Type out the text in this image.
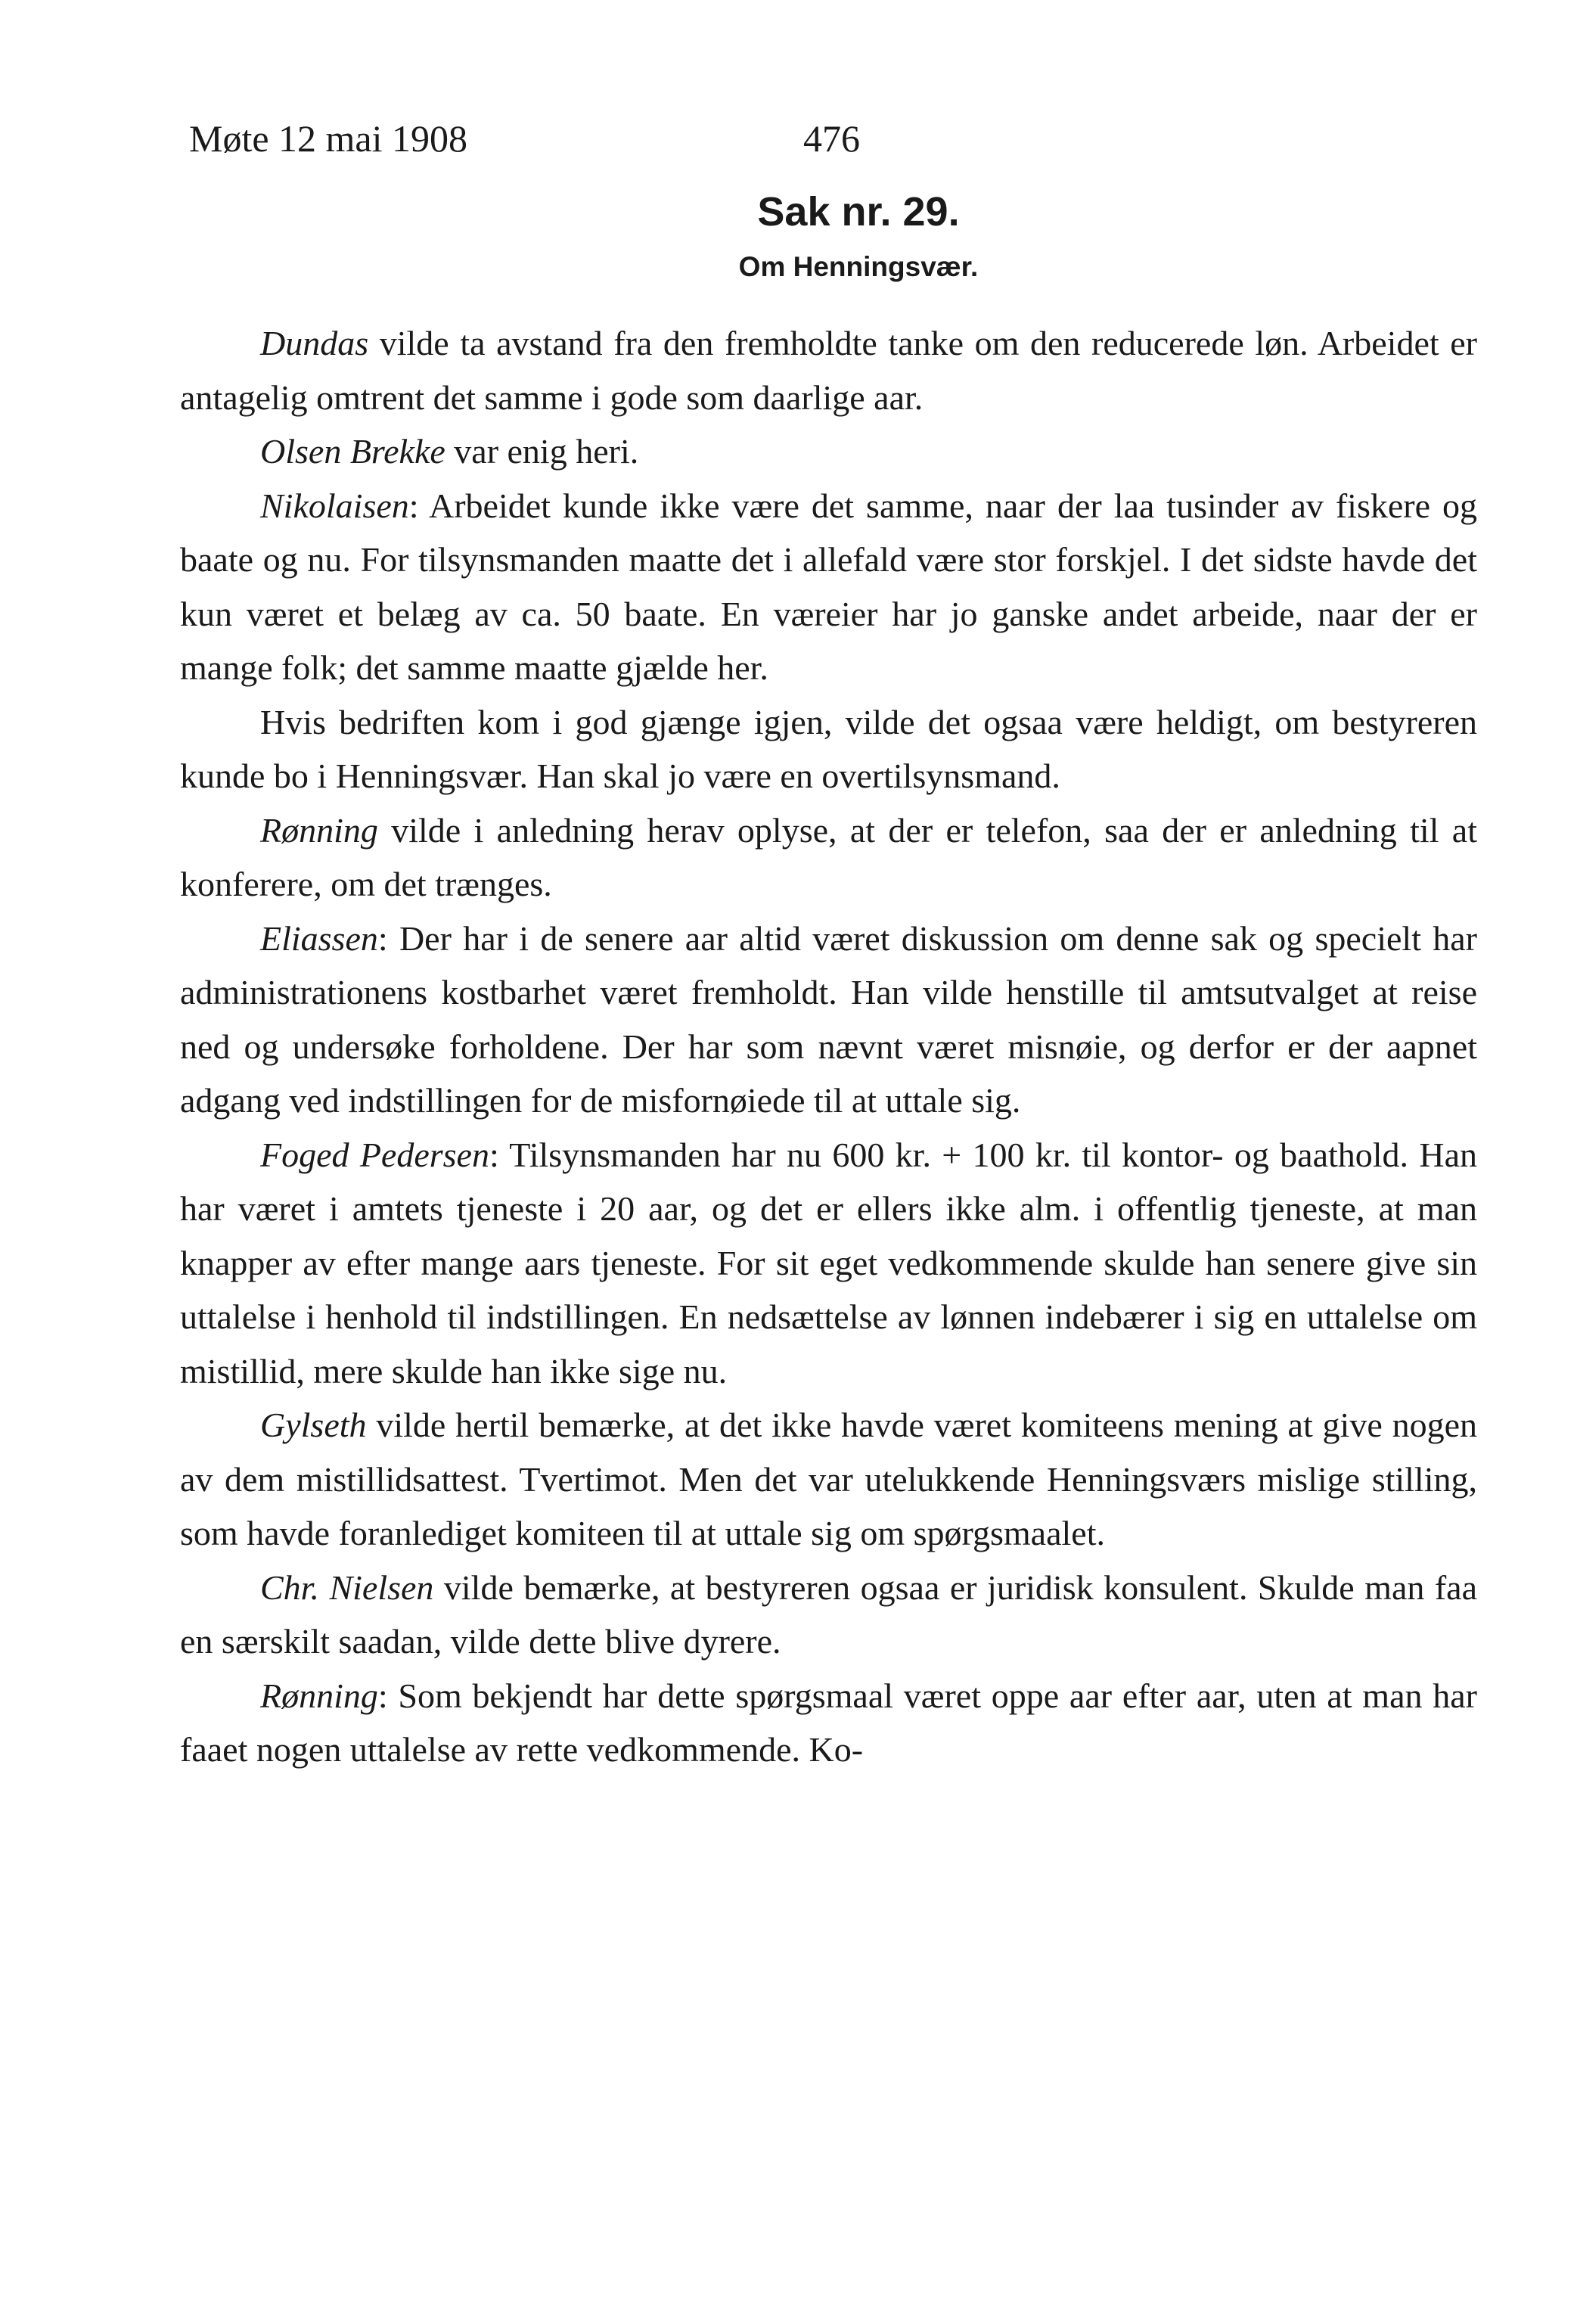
Møte 12 mai 1908	476
Sak nr. 29.
Om Henningsvær.

Dundas vilde ta avstand fra den fremholdte tanke om den reducerede løn. Arbeidet er antagelig omtrent det samme i gode som daarlige aar.

Olsen Brekke var enig heri.

Nikolaisen: Arbeidet kunde ikke være det samme, naar der laa tusinder av fiskere og baate og nu. For tilsynsmanden maatte det i allefald være stor forskjel. I det sidste havde det kun været et belæg av ca. 50 baate. En væreier har jo ganske andet arbeide, naar der er mange folk; det samme maatte gjælde her.

Hvis bedriften kom i god gjænge igjen, vilde det ogsaa være heldigt, om bestyreren kunde bo i Henningsvær. Han skal jo være en overtilsynsmand.

Rønning vilde i anledning herav oplyse, at der er telefon, saa der er anledning til at konferere, om det trænges.

Eliassen: Der har i de senere aar altid været diskussion om denne sak og specielt har administrationens kostbarhet været fremholdt. Han vilde henstille til amtsutvalget at reise ned og undersøke forholdene. Der har som nævnt været misnøie, og derfor er der aapnet adgang ved indstillingen for de misfornøiede til at uttale sig.

Foged Pedersen: Tilsynsmanden har nu 600 kr. + 100 kr. til kontor- og baathold. Han har været i amtets tjeneste i 20 aar, og det er ellers ikke alm. i offentlig tjeneste, at man knapper av efter mange aars tjeneste. For sit eget vedkommende skulde han senere give sin uttalelse i henhold til indstillingen. En nedsættelse av lønnen indebærer i sig en uttalelse om mistillid, mere skulde han ikke sige nu.

Gylseth vilde hertil bemærke, at det ikke havde været komiteens mening at give nogen av dem mistillidsattest. Tvertimot. Men det var utelukkende Henningsværs mislige stilling, som havde foranlediget komiteen til at uttale sig om spørgsmaalet.

Chr. Nielsen vilde bemærke, at bestyreren ogsaa er juridisk konsulent. Skulde man faa en særskilt saadan, vilde dette blive dyrere.

Rønning: Som bekjendt har dette spørgsmaal været oppe aar efter aar, uten at man har faaet nogen uttalelse av rette vedkommende. Ko-
